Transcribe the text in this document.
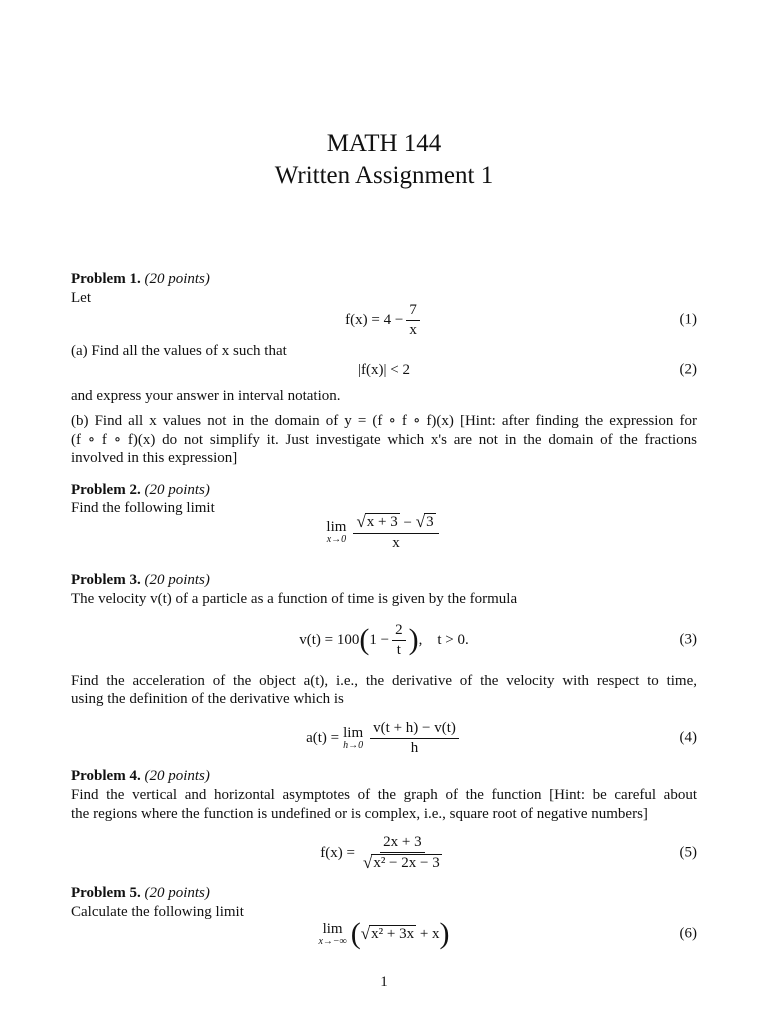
MATH 144
Written Assignment 1
Problem 1. (20 points)
Let
$f(x) = 4 - \frac{7}{x}$	(1)
(a) Find all the values of x such that
|f(x)| < 2	(2)
and express your answer in interval notation.
(b) Find all x values not in the domain of y = (f ∘ f ∘ f)(x) [Hint: after finding the expression for
(f ∘ f ∘ f)(x) do not simplify it. Just investigate which x's are not in the domain of the fractions
involved in this expression]
Problem 2. (20 points)
Find the following limit
lim
$x\to 0 \frac{√ x + 3 - √ 3}{x}$
Problem 3. (20 points)
The velocity v(t) of a particle as a function of time is given by the formula
v(t) = 100 ( $1 - \frac{2}{t}$ ) ,    t > 0.	(3)
Find the acceleration of the object a(t), i.e., the derivative of the velocity with respect to time,
using the definition of the derivative which is
a(t) = lim
$h\to 0 \frac{v(t + h) - v(t)}{h}$	(4)
Problem 4. (20 points)
Find the vertical and horizontal asymptotes of the graph of the function [Hint: be careful about
the regions where the function is undefined or is complex, i.e., square root of negative numbers]
$f(x) = \frac{2x + 3}{\text{√ x² − 2x − 3}}$	(5)
Problem 5. (20 points)
Calculate the following limit
lim
x→−∞ ( √ x² + 3x + x )	(6)
1
